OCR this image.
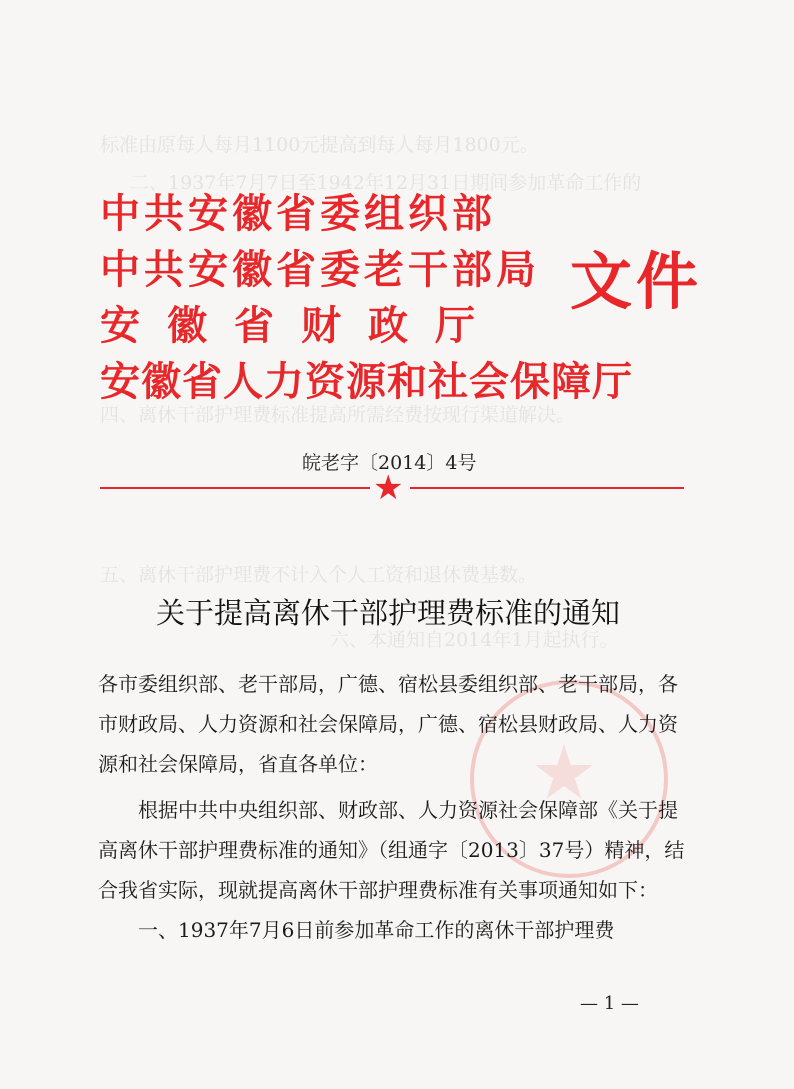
标准由原每人每月1100元提高到每人每月1800元。
二、1937年7月7日至1942年12月31日期间参加革命工作的
四、离休干部护理费标准提高所需经费按现行渠道解决。
五、离休干部护理费不计入个人工资和退休费基数。
六、本通知自2014年1月起执行。
中共安徽省委组织部
中共安徽省委老干部局
安徽省财政厅
安徽省人力资源和社会保障厅
文件
皖老字〔2014〕4号
★
关于提高离休干部护理费标准的通知

各市委组织部、老干部局，广德、宿松县委组织部、老干部局，各市财政局、人力资源和社会保障局，广德、宿松县财政局、人力资源和社会保障局，省直各单位：

根据中共中央组织部、财政部、人力资源社会保障部《关于提高离休干部护理费标准的通知》（组通字〔2013〕37号）精神，结合我省实际，现就提高离休干部护理费标准有关事项通知如下：

一、1937年7月6日前参加革命工作的离休干部护理费

— 1 —
